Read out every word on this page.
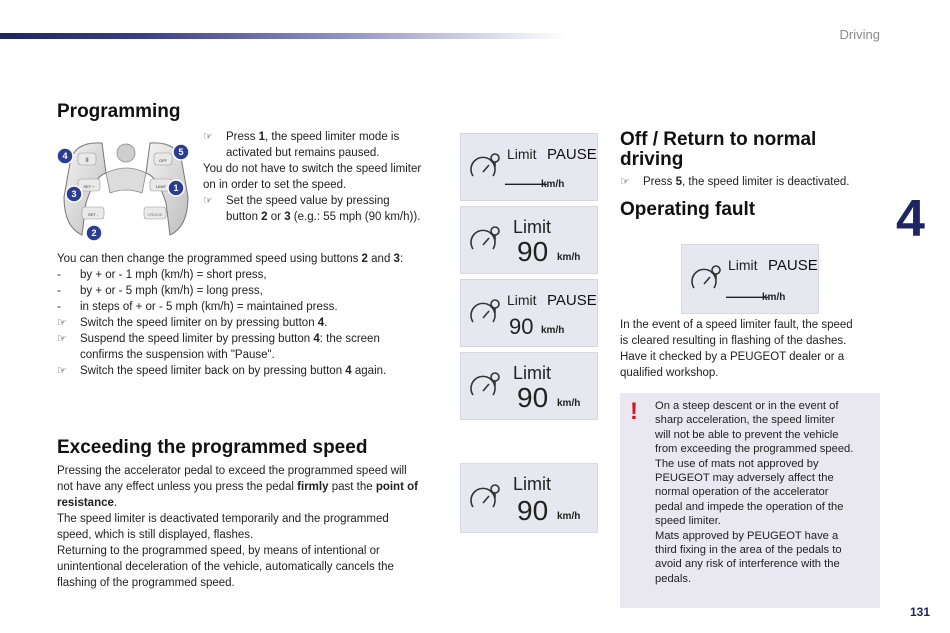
Driving
4
Programming
II
SET +
SET -
LIMIT
CRUISE
OFF
4
3
2
1
5
☞ Press 1, the speed limiter mode is
activated but remains paused.
You do not have to switch the speed limiter
on in order to set the speed.
☞ Set the speed value by pressing
button 2 or 3 (e.g.: 55 mph (90 km/h)).
You can then change the programmed speed using buttons 2 and 3:
- by + or - 1 mph (km/h) = short press,
- by + or - 5 mph (km/h) = long press,
- in steps of + or - 5 mph (km/h) = maintained press.
☞ Switch the speed limiter on by pressing button 4.
☞ Suspend the speed limiter by pressing button 4: the screen
confirms the suspension with "Pause".
☞ Switch the speed limiter back on by pressing button 4 again.
Exceeding the programmed speed
Pressing the accelerator pedal to exceed the programmed speed will
not have any effect unless you press the pedal firmly past the point of
resistance.
The speed limiter is deactivated temporarily and the programmed
speed, which is still displayed, flashes.
Returning to the programmed speed, by means of intentional or
unintentional deceleration of the vehicle, automatically cancels the
flashing of the programmed speed.
Limit PAUSE
———
km/h
Limit
90 km/h
Limit PAUSE
90 km/h
Limit
90 km/h
Limit
90 km/h
Limit PAUSE
———
km/h
Off / Return to normal
driving
☞ Press 5, the speed limiter is deactivated.
Operating fault
In the event of a speed limiter fault, the speed
is cleared resulting in flashing of the dashes.
Have it checked by a PEUGEOT dealer or a
qualified workshop.
! On a steep descent or in the event of
sharp acceleration, the speed limiter
will not be able to prevent the vehicle
from exceeding the programmed speed.
The use of mats not approved by
PEUGEOT may adversely affect the
normal operation of the accelerator
pedal and impede the operation of the
speed limiter.
Mats approved by PEUGEOT have a
third fixing in the area of the pedals to
avoid any risk of interference with the
pedals.
131
